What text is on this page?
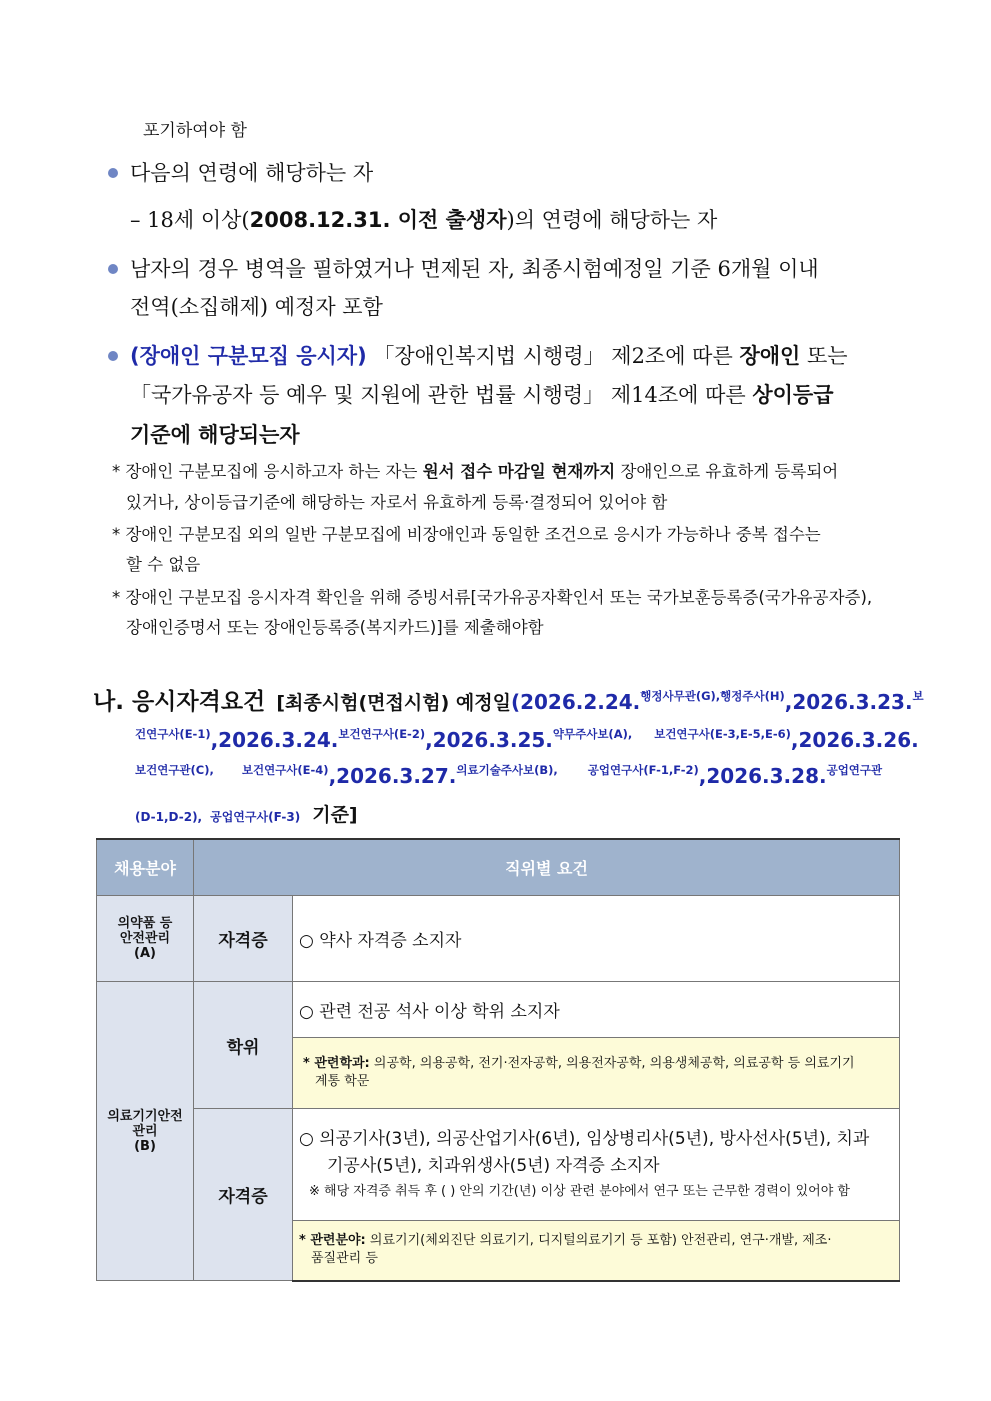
포기하여야 함
다음의 연령에 해당하는 자
– 18세 이상(2008.12.31. 이전 출생자)의 연령에 해당하는 자
남자의 경우 병역을 필하였거나 면제된 자, 최종시험예정일 기준 6개월 이내
전역(소집해제) 예정자 포함
(장애인 구분모집 응시자) 「장애인복지법 시행령」 제2조에 따른 장애인 또는
「국가유공자 등 예우 및 지원에 관한 법률 시행령」 제14조에 따른 상이등급
기준에 해당되는자
* 장애인 구분모집에 응시하고자 하는 자는 원서 접수 마감일 현재까지 장애인으로 유효하게 등록되어
있거나, 상이등급기준에 해당하는 자로서 유효하게 등록·결정되어 있어야 함
* 장애인 구분모집 외의 일반 구분모집에 비장애인과 동일한 조건으로 응시가 가능하나 중복 접수는
할 수 없음
* 장애인 구분모집 응시자격 확인을 위해 증빙서류[국가유공자확인서 또는 국가보훈등록증(국가유공자증),
장애인증명서 또는 장애인등록증(복지카드)]를 제출해야함
나. 응시자격요건 [최종시험(면접시험) 예정일(2026.2.24.$^{행정사무관(G),행정주사(H)}$,2026.3.23.$^보$
$^{건연구사(E-1)}$,2026.3.24.$^{보건연구사(E-2)}$,2026.3.25.$^{약무주사보(A),}$ $^{보건연구사(E-3,E-5,E-6)}$,2026.3.26.
$^{보건연구관(C),}$ $^{보건연구사(E-4)}$,2026.3.27.$^{의료기술주사보(B),}$	$^{공업연구사(F-1,F-2)}$,2026.3.28.$^{공업연구관}$
(D-1,D-2), 공업연구사(F-3) 기준]
채용분야	직위별 요건	

의약품 등
안전관리
(A)	자격증	○ 약사 자격증 소지자

의료기기안전
관리
(B)	학위	○ 관련 전공 석사 이상 학위 소지자

		* 관련학과: 의공학, 의용공학, 전기·전자공학, 의용전자공학, 의용생체공학, 의료공학 등 의료기기
계통 학문

	자격증	○ 의공기사(3년), 의공산업기사(6년), 임상병리사(5년), 방사선사(5년), 치과
기공사(5년), 치과위생사(5년) 자격증 소지자
※ 해당 자격증 취득 후 ( ) 안의 기간(년) 이상 관련 분야에서 연구 또는 근무한 경력이 있어야 함

		* 관련분야: 의료기기(체외진단 의료기기, 디지털의료기기 등 포함) 안전관리, 연구·개발, 제조·
품질관리 등
